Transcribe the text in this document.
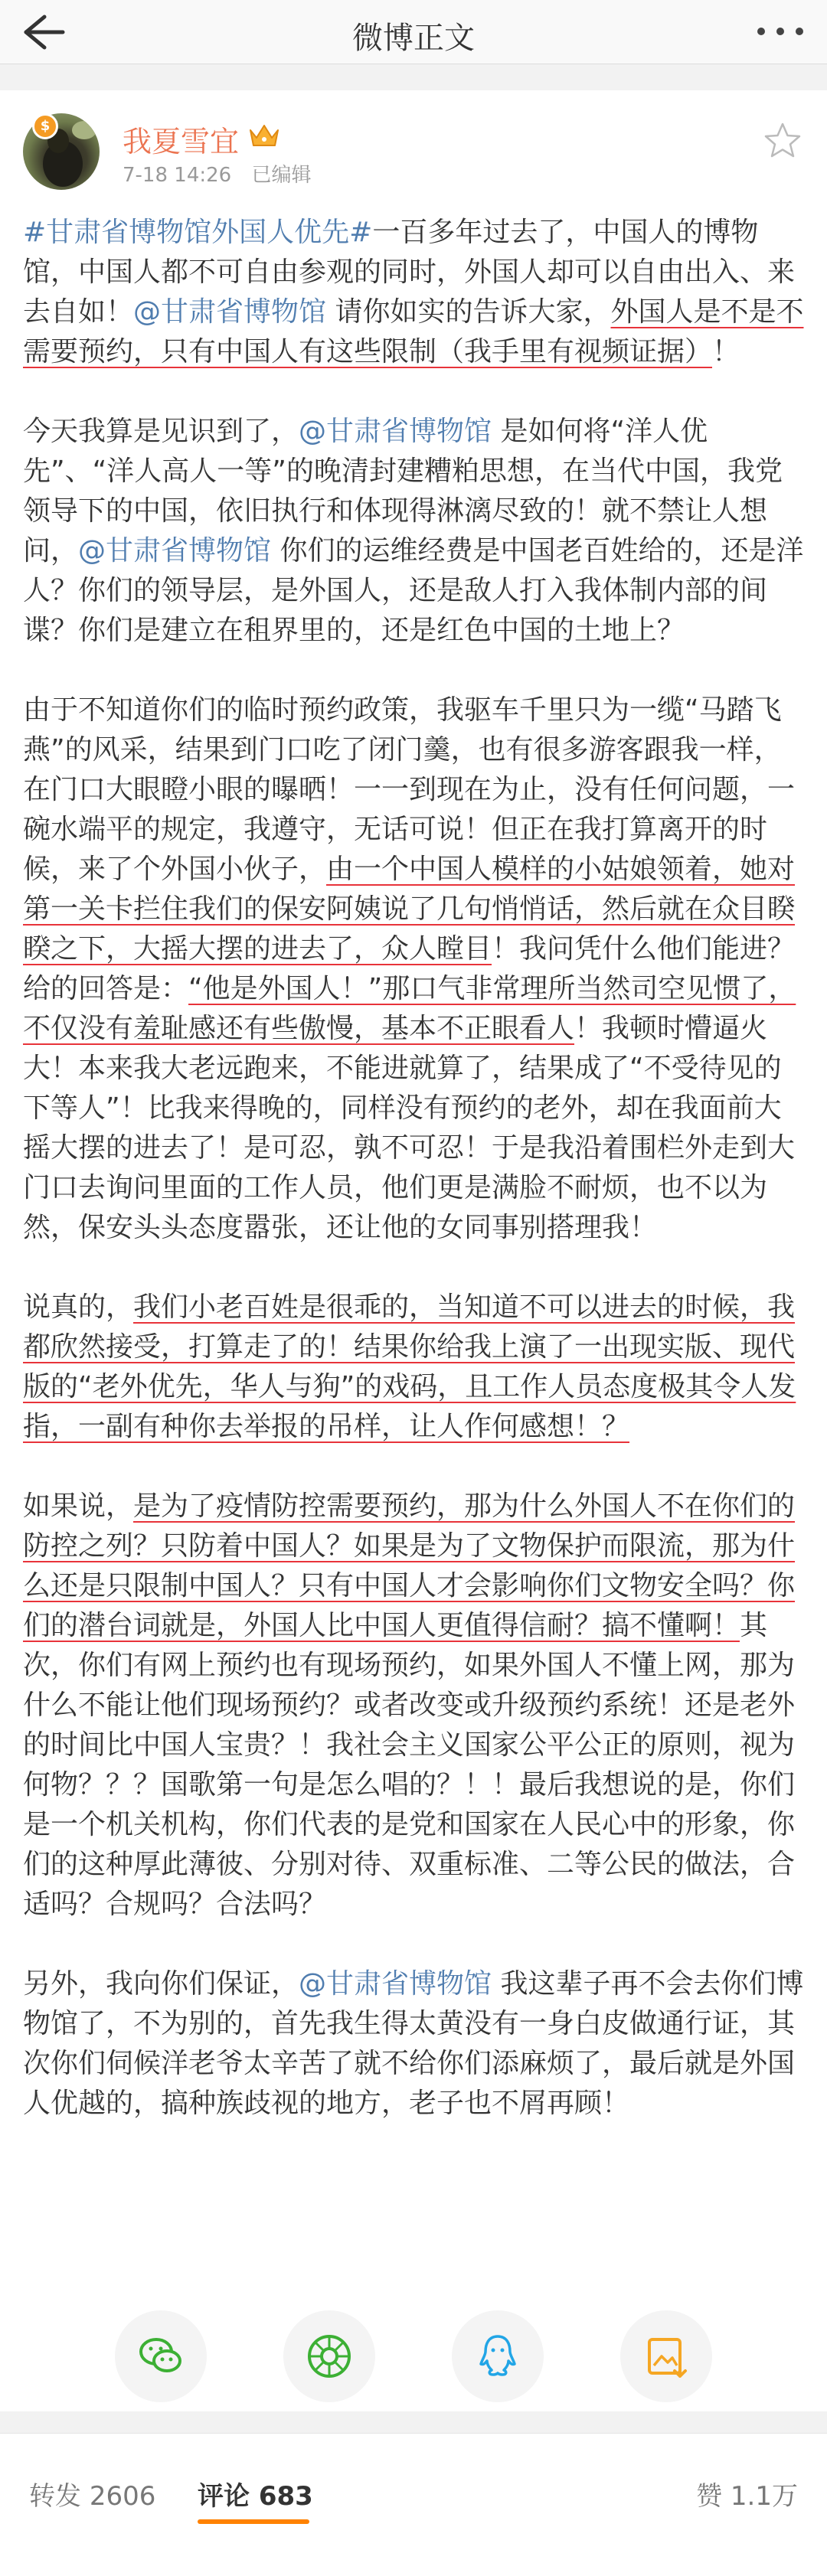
微博正文
$ 我夏雪宜
7-18 14:26 已编辑

#甘肃省博物馆外国人优先#一百多年过去了，中国人的博物馆，中国人都不可自由参观的同时，外国人却可以自由出入、来去自如！@甘肃省博物馆 请你如实的告诉大家，外国人是不是不需要预约，只有中国人有这些限制（我手里有视频证据）！

今天我算是见识到了，@甘肃省博物馆 是如何将“洋人优先”、“洋人高人一等”的晚清封建糟粕思想，在当代中国，我党领导下的中国，依旧执行和体现得淋漓尽致的！就不禁让人想问，@甘肃省博物馆 你们的运维经费是中国老百姓给的，还是洋人？你们的领导层，是外国人，还是敌人打入我体制内部的间谍？你们是建立在租界里的，还是红色中国的土地上？

由于不知道你们的临时预约政策，我驱车千里只为一缆“马踏飞燕”的风采，结果到门口吃了闭门羹，也有很多游客跟我一样，在门口大眼瞪小眼的曝晒！一一到现在为止，没有任何问题，一碗水端平的规定，我遵守，无话可说！但正在我打算离开的时候，来了个外国小伙子，由一个中国人模样的小姑娘领着，她对第一关卡拦住我们的保安阿姨说了几句悄悄话，然后就在众目睽睽之下，大摇大摆的进去了，众人瞠目！我问凭什么他们能进？给的回答是：“他是外国人！”那口气非常理所当然司空见惯了，不仅没有羞耻感还有些傲慢，基本不正眼看人！我顿时懵逼火大！本来我大老远跑来，不能进就算了，结果成了“不受待见的下等人”！比我来得晚的，同样没有预约的老外，却在我面前大摇大摆的进去了！是可忍，孰不可忍！于是我沿着围栏外走到大门口去询问里面的工作人员，他们更是满脸不耐烦，也不以为然，保安头头态度嚣张，还让他的女同事别搭理我！

说真的，我们小老百姓是很乖的，当知道不可以进去的时候，我都欣然接受，打算走了的！结果你给我上演了一出现实版、现代版的“老外优先，华人与狗”的戏码，且工作人员态度极其令人发指，一副有种你去举报的吊样，让人作何感想！？

如果说，是为了疫情防控需要预约，那为什么外国人不在你们的防控之列？只防着中国人？如果是为了文物保护而限流，那为什么还是只限制中国人？只有中国人才会影响你们文物安全吗？你们的潜台词就是，外国人比中国人更值得信耐？搞不懂啊！其次，你们有网上预约也有现场预约，如果外国人不懂上网，那为什么不能让他们现场预约？或者改变或升级预约系统！还是老外的时间比中国人宝贵？！我社会主义国家公平公正的原则，视为何物？？？国歌第一句是怎么唱的？！！最后我想说的是，你们是一个机关机构，你们代表的是党和国家在人民心中的形象，你们的这种厚此薄彼、分别对待、双重标准、二等公民的做法，合适吗？合规吗？合法吗？

另外，我向你们保证，@甘肃省博物馆 我这辈子再不会去你们博物馆了，不为别的，首先我生得太黄没有一身白皮做通行证，其次你们伺候洋老爷太辛苦了就不给你们添麻烦了，最后就是外国人优越的，搞种族歧视的地方，老子也不屑再顾！

转发 2606 评论 683	赞 1.1万
